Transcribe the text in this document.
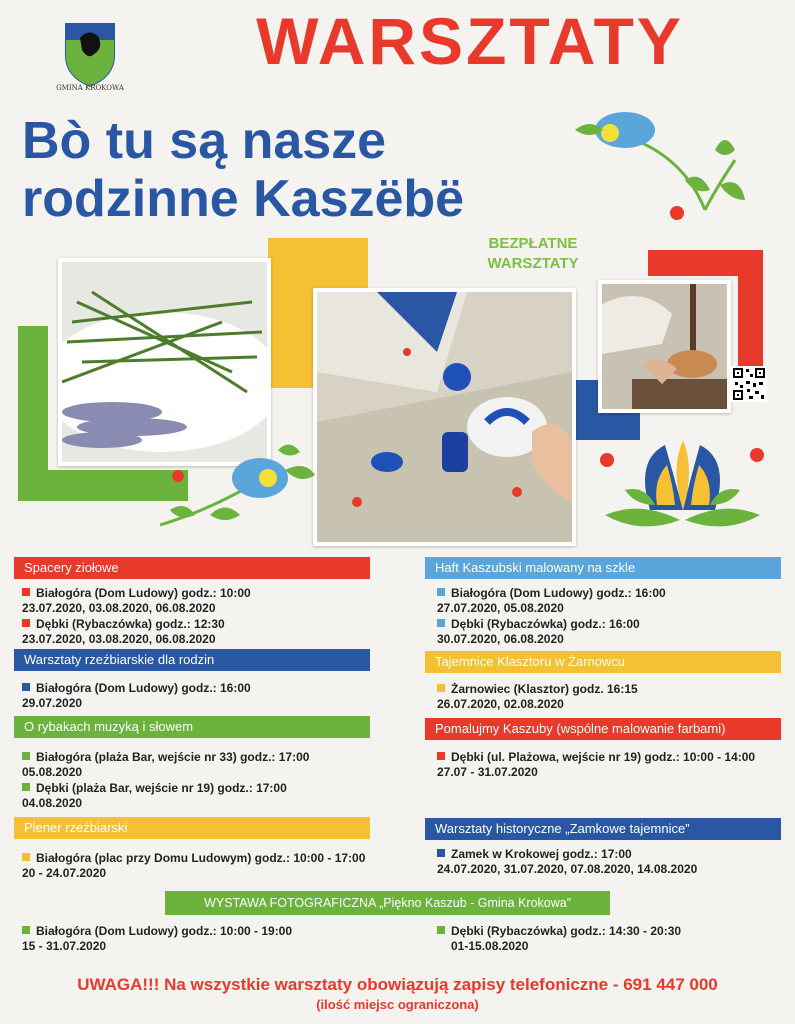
GMINA KROKOWA
WARSZTATY
Bò tu są nasze
rodzinne Kaszëbë
BEZPŁATNE
WARSZTATY
Spacery ziołowe
Białogóra (Dom Ludowy) godz.: 10:00
23.07.2020, 03.08.2020, 06.08.2020
Dębki (Rybaczówka) godz.: 12:30
23.07.2020, 03.08.2020, 06.08.2020
Warsztaty rzeźbiarskie dla rodzin
Białogóra (Dom Ludowy) godz.: 16:00
29.07.2020
O rybakach muzyką i słowem
Białogóra (plaża Bar, wejście nr 33) godz.: 17:00
05.08.2020
Dębki (plaża Bar, wejście nr 19) godz.: 17:00
04.08.2020
Plener rzeźbiarski
Białogóra (plac przy Domu Ludowym) godz.: 10:00 - 17:00
20 - 24.07.2020
Haft Kaszubski malowany na szkle
Białogóra (Dom Ludowy) godz.: 16:00
27.07.2020, 05.08.2020
Dębki (Rybaczówka) godz.: 16:00
30.07.2020, 06.08.2020
Tajemnice Klasztoru w Żarnowcu
Żarnowiec (Klasztor) godz. 16:15
26.07.2020, 02.08.2020
Pomalujmy Kaszuby (wspólne malowanie farbami)
Dębki (ul. Plażowa, wejście nr 19) godz.: 10:00 - 14:00
27.07 - 31.07.2020
Warsztaty historyczne „Zamkowe tajemnice”
Zamek w Krokowej godz.: 17:00
24.07.2020, 31.07.2020, 07.08.2020, 14.08.2020
WYSTAWA FOTOGRAFICZNA „Piękno Kaszub - Gmina Krokowa”
Białogóra (Dom Ludowy) godz.: 10:00 - 19:00
15 - 31.07.2020
Dębki (Rybaczówka) godz.: 14:30 - 20:30
01-15.08.2020
UWAGA!!! Na wszystkie warsztaty obowiązują zapisy telefoniczne - 691 447 000
(ilość miejsc ograniczona)
